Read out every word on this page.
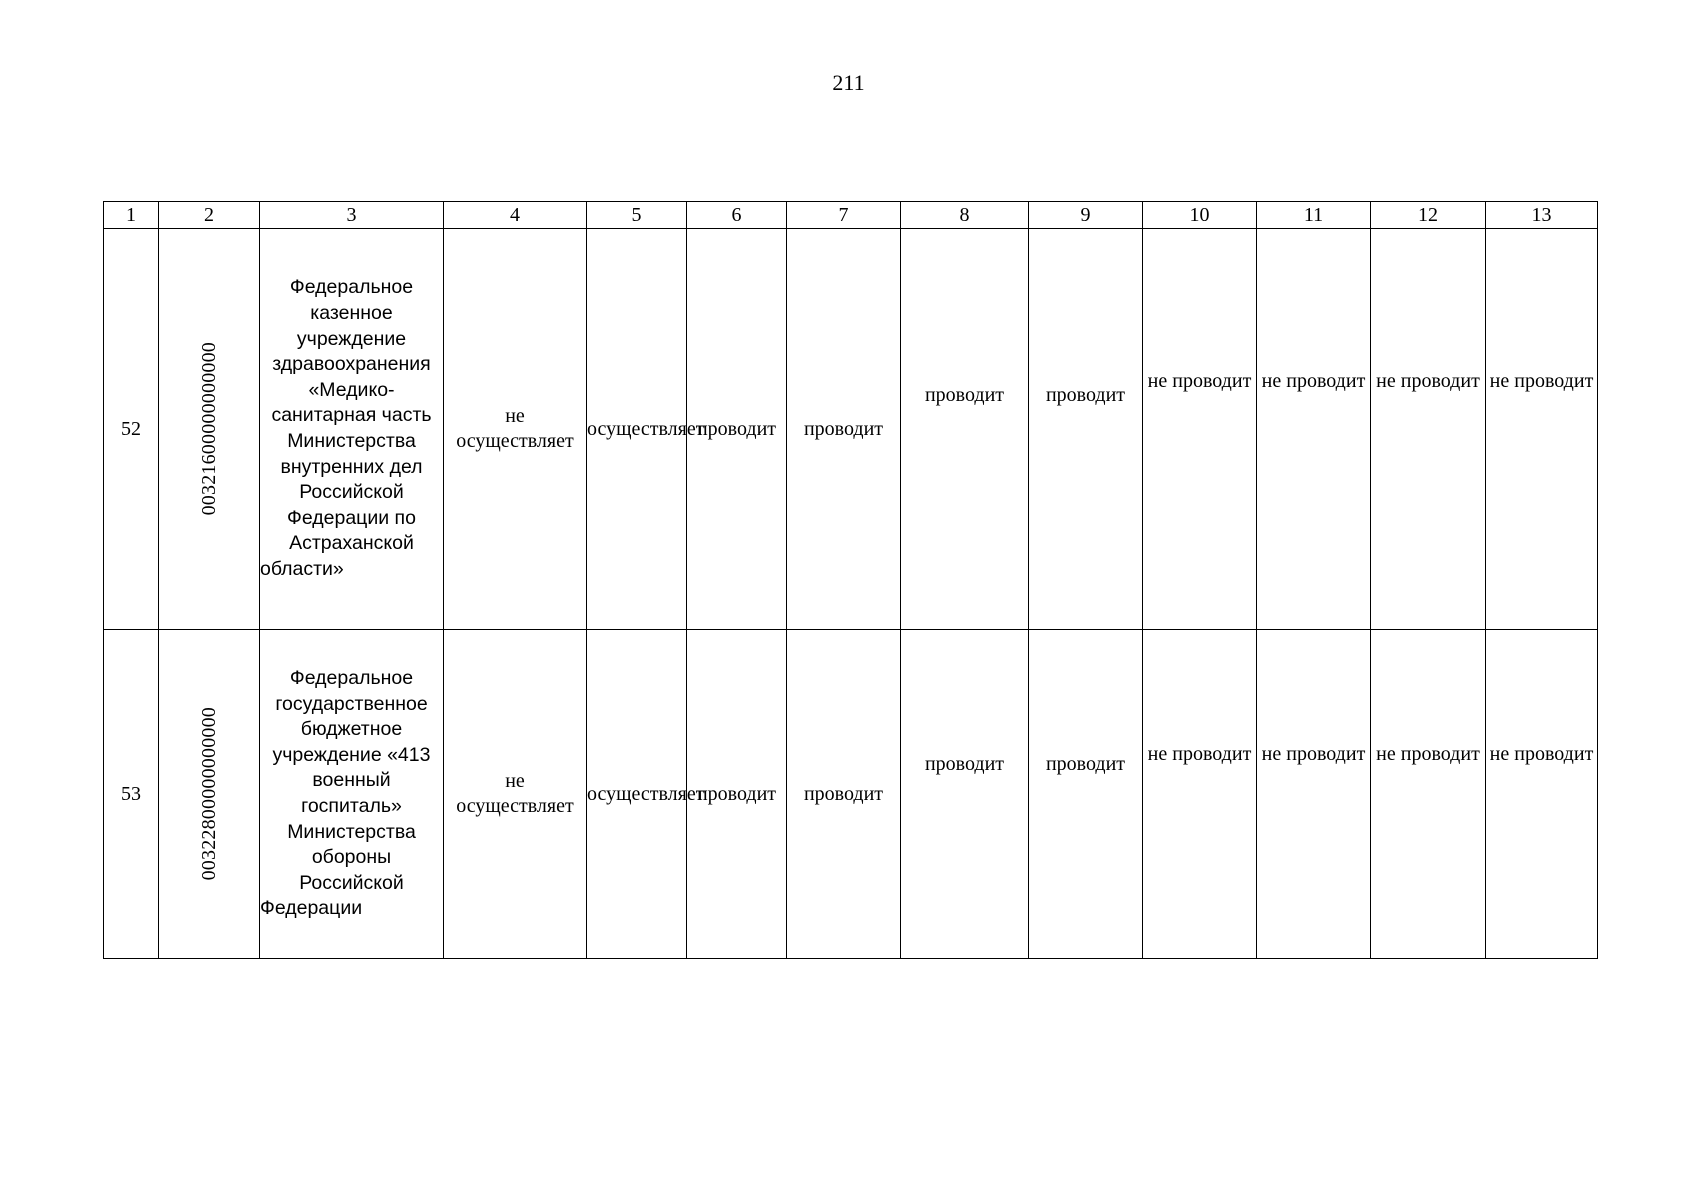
211
1	2	3	4	5	6	7	8	9	10	11	12	13
52	00321600000000000	Федеральное казенное учреждение здравоохранения «Медико-санитарная часть Министерства внутренних дел Российской Федерации по Астраханской области»	не осуществляет	осуществляет	проводит	проводит	проводит	проводит	не проводит	не проводит	не проводит	не проводит

53	00322800000000000	Федеральное государственное бюджетное учреждение «413 военный госпиталь» Министерства обороны Российской Федерации	не осуществляет	осуществляет	проводит	проводит	проводит	проводит	не проводит	не проводит	не проводит	не проводит
